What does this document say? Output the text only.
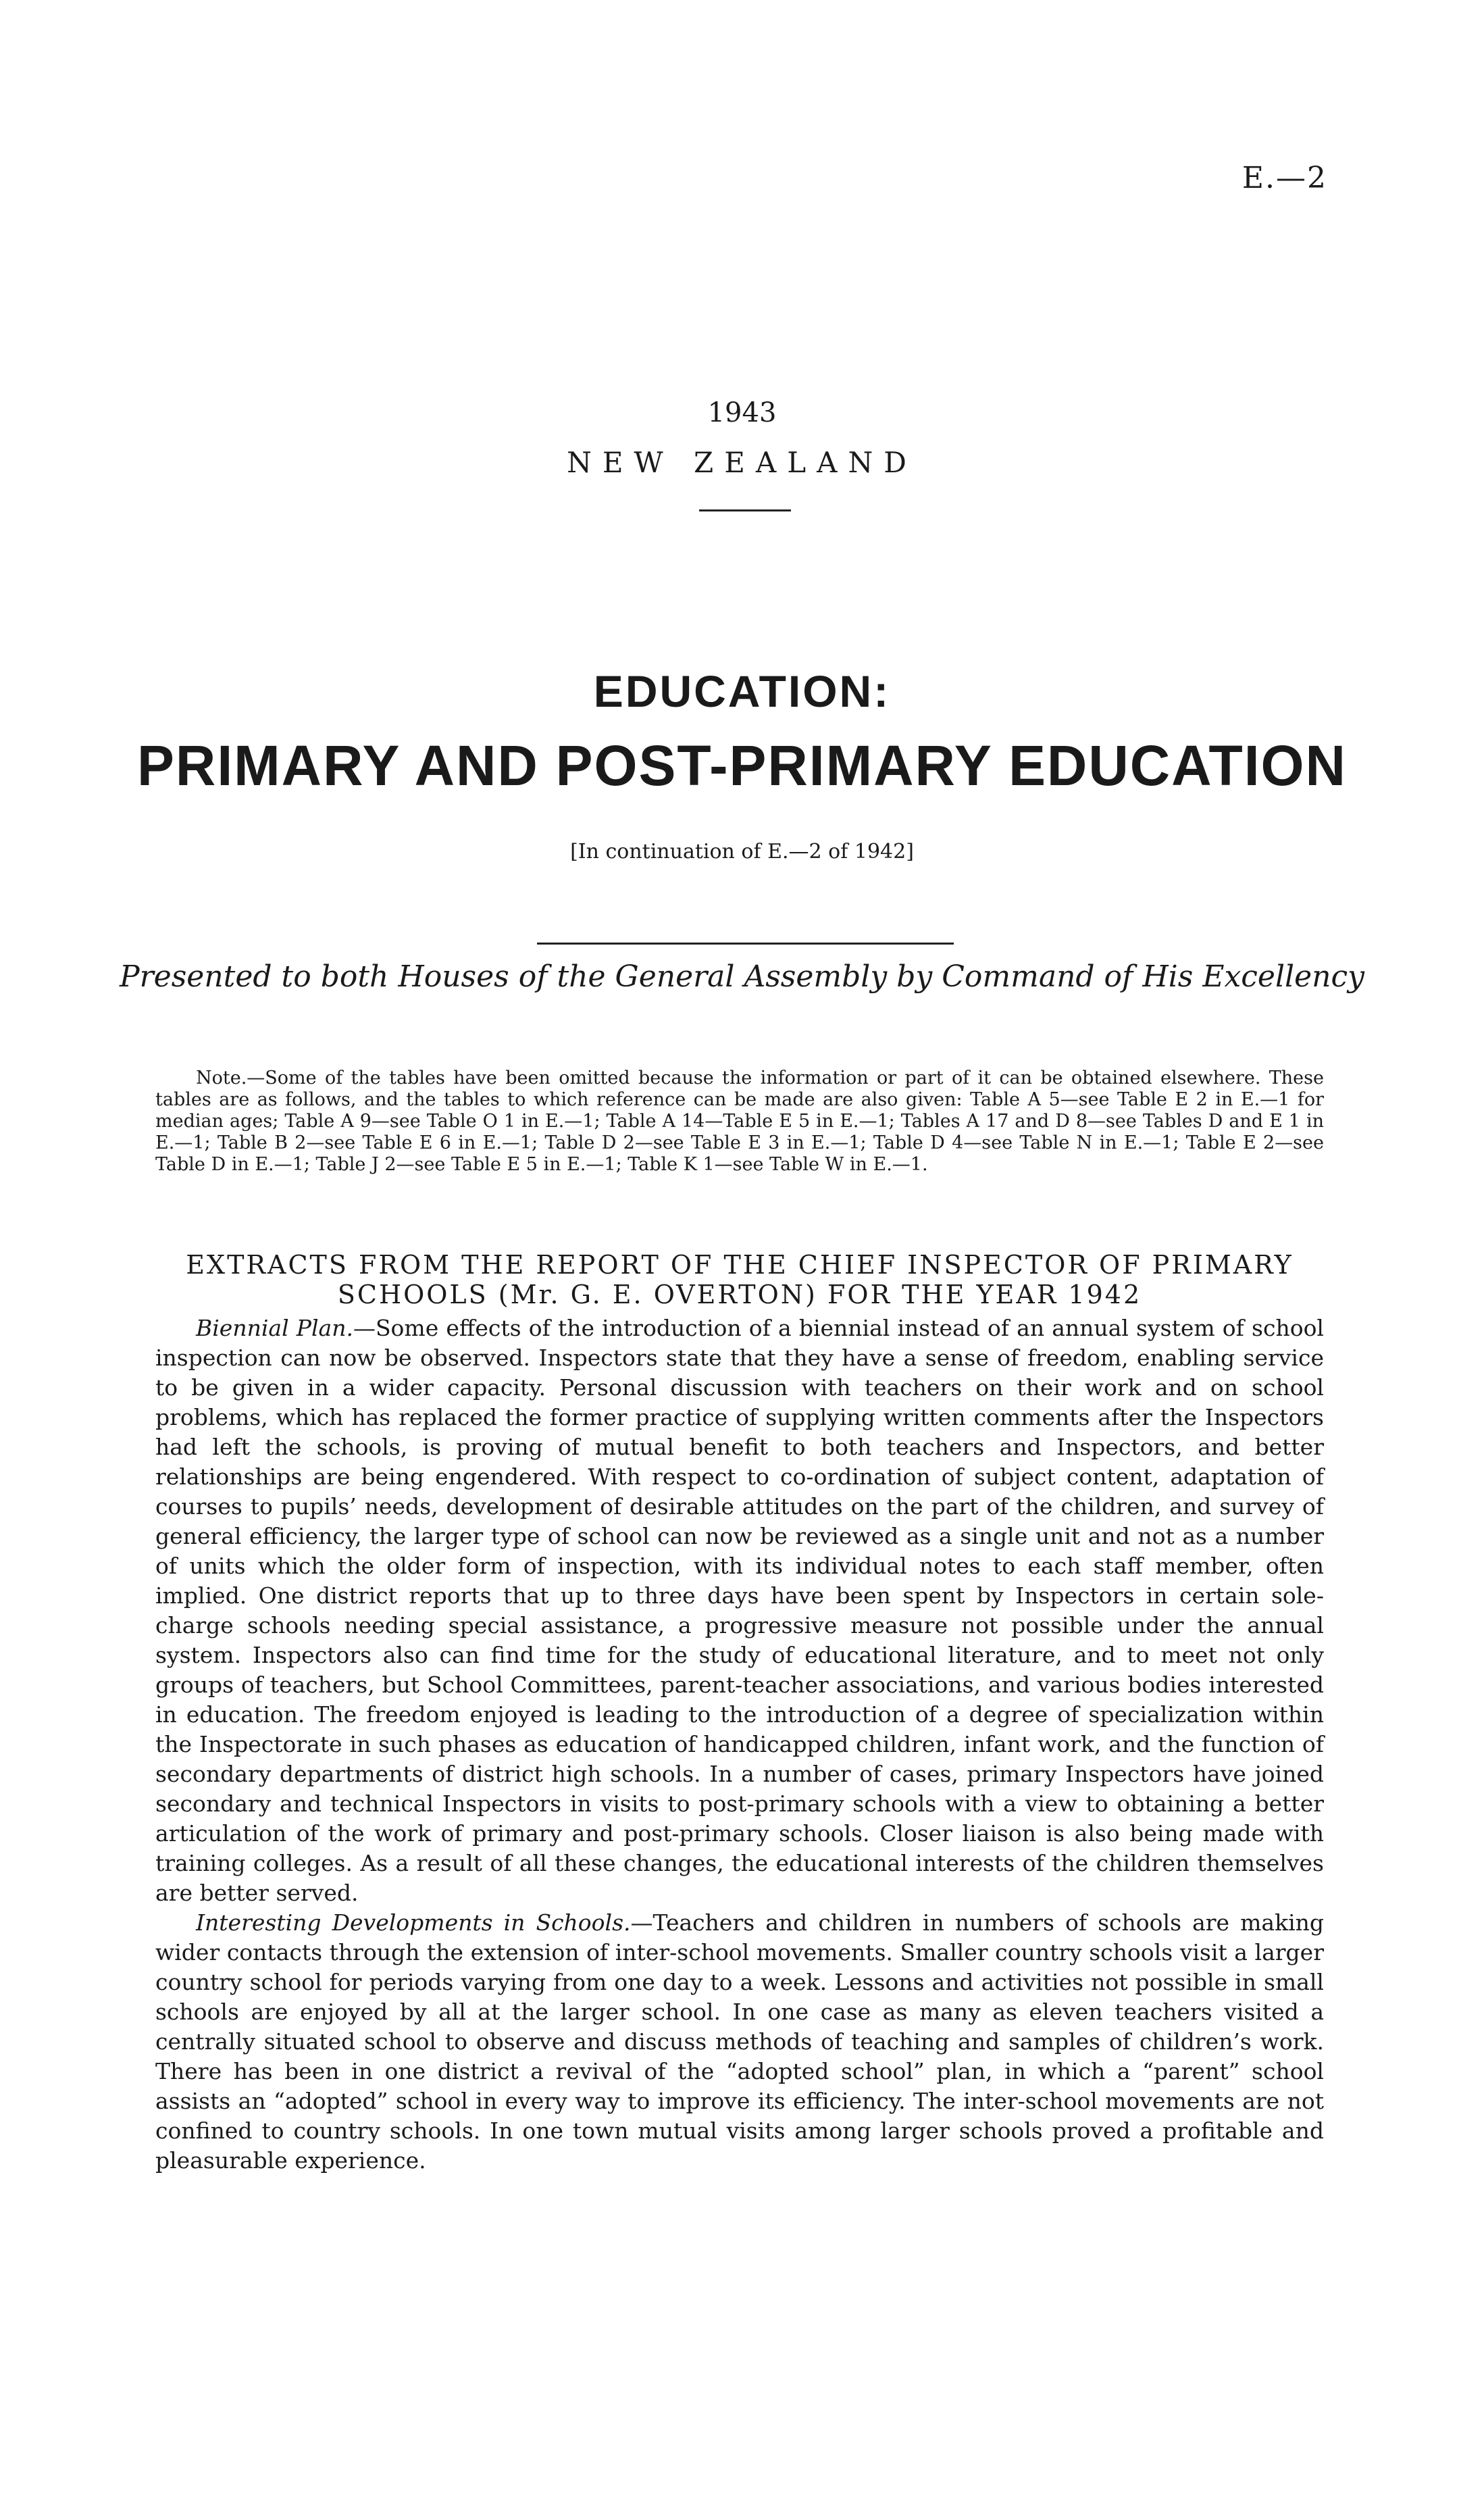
E.—2
1943
NEW ZEALAND
EDUCATION:
PRIMARY AND POST-PRIMARY EDUCATION
[In continuation of E.—2 of 1942]
Presented to both Houses of the General Assembly by Command of His Excellency
Note.—Some of the tables have been omitted because the information or part of it can be obtained elsewhere. These tables are as follows, and the tables to which reference can be made are also given: Table A 5—see Table E 2 in E.—1 for median ages; Table A 9—see Table O 1 in E.—1; Table A 14—Table E 5 in E.—1; Tables A 17 and D 8—see Tables D and E 1 in E.—1; Table B 2—see Table E 6 in E.—1; Table D 2—see Table E 3 in E.—1; Table D 4—see Table N in E.—1; Table E 2—see Table D in E.—1; Table J 2—see Table E 5 in E.—1; Table K 1—see Table W in E.—1.
EXTRACTS FROM THE REPORT OF THE CHIEF INSPECTOR OF PRIMARY
SCHOOLS (Mr. G. E. OVERTON) FOR THE YEAR 1942

Biennial Plan.—Some effects of the introduction of a biennial instead of an annual system of school inspection can now be observed. Inspectors state that they have a sense of freedom, enabling service to be given in a wider capacity. Personal discussion with teachers on their work and on school problems, which has replaced the former practice of supplying written comments after the Inspectors had left the schools, is proving of mutual benefit to both teachers and Inspectors, and better relationships are being engendered. With respect to co-ordination of subject content, adaptation of courses to pupils’ needs, development of desirable attitudes on the part of the children, and survey of general efficiency, the larger type of school can now be reviewed as a single unit and not as a number of units which the older form of inspection, with its individual notes to each staff member, often implied. One district reports that up to three days have been spent by Inspectors in certain sole-charge schools needing special assistance, a progressive measure not possible under the annual system. Inspectors also can find time for the study of educational literature, and to meet not only groups of teachers, but School Committees, parent-teacher associations, and various bodies interested in education. The freedom enjoyed is leading to the introduction of a degree of specialization within the Inspectorate in such phases as education of handicapped children, infant work, and the function of secondary departments of district high schools. In a number of cases, primary Inspectors have joined secondary and technical Inspectors in visits to post-primary schools with a view to obtaining a better articulation of the work of primary and post-primary schools. Closer liaison is also being made with training colleges. As a result of all these changes, the educational interests of the children themselves are better served.

Interesting Developments in Schools.—Teachers and children in numbers of schools are making wider contacts through the extension of inter-school movements. Smaller country schools visit a larger country school for periods varying from one day to a week. Lessons and activities not possible in small schools are enjoyed by all at the larger school. In one case as many as eleven teachers visited a centrally situated school to observe and discuss methods of teaching and samples of children’s work. There has been in one district a revival of the “adopted school” plan, in which a “parent” school assists an “adopted” school in every way to improve its efficiency. The inter-school movements are not confined to country schools. In one town mutual visits among larger schools proved a profitable and pleasurable experience.
